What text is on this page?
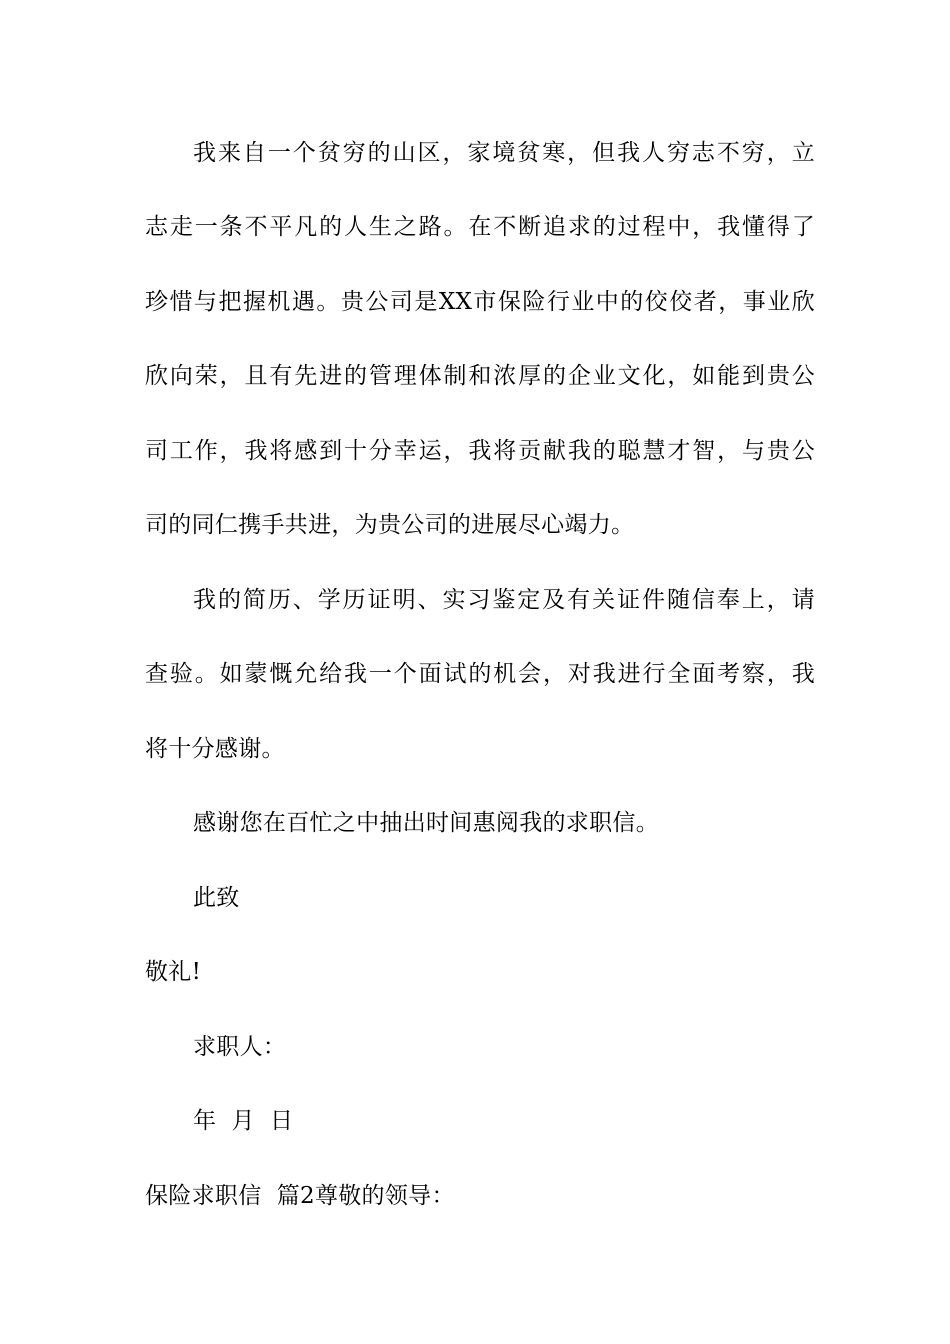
我来自一个贫穷的山区，家境贫寒，但我人穷志不穷，立
志走一条不平凡的人生之路。在不断追求的过程中，我懂得了
珍惜与把握机遇。贵公司是XX市保险行业中的佼佼者，事业欣
欣向荣，且有先进的管理体制和浓厚的企业文化，如能到贵公
司工作，我将感到十分幸运，我将贡献我的聪慧才智，与贵公
司的同仁携手共进，为贵公司的进展尽心竭力。
我的简历、学历证明、实习鉴定及有关证件随信奉上，请
查验。如蒙慨允给我一个面试的机会，对我进行全面考察，我
将十分感谢。
感谢您在百忙之中抽出时间惠阅我的求职信。
此致
敬礼!
求职人：
年  月  日
保险求职信  篇2尊敬的领导：
